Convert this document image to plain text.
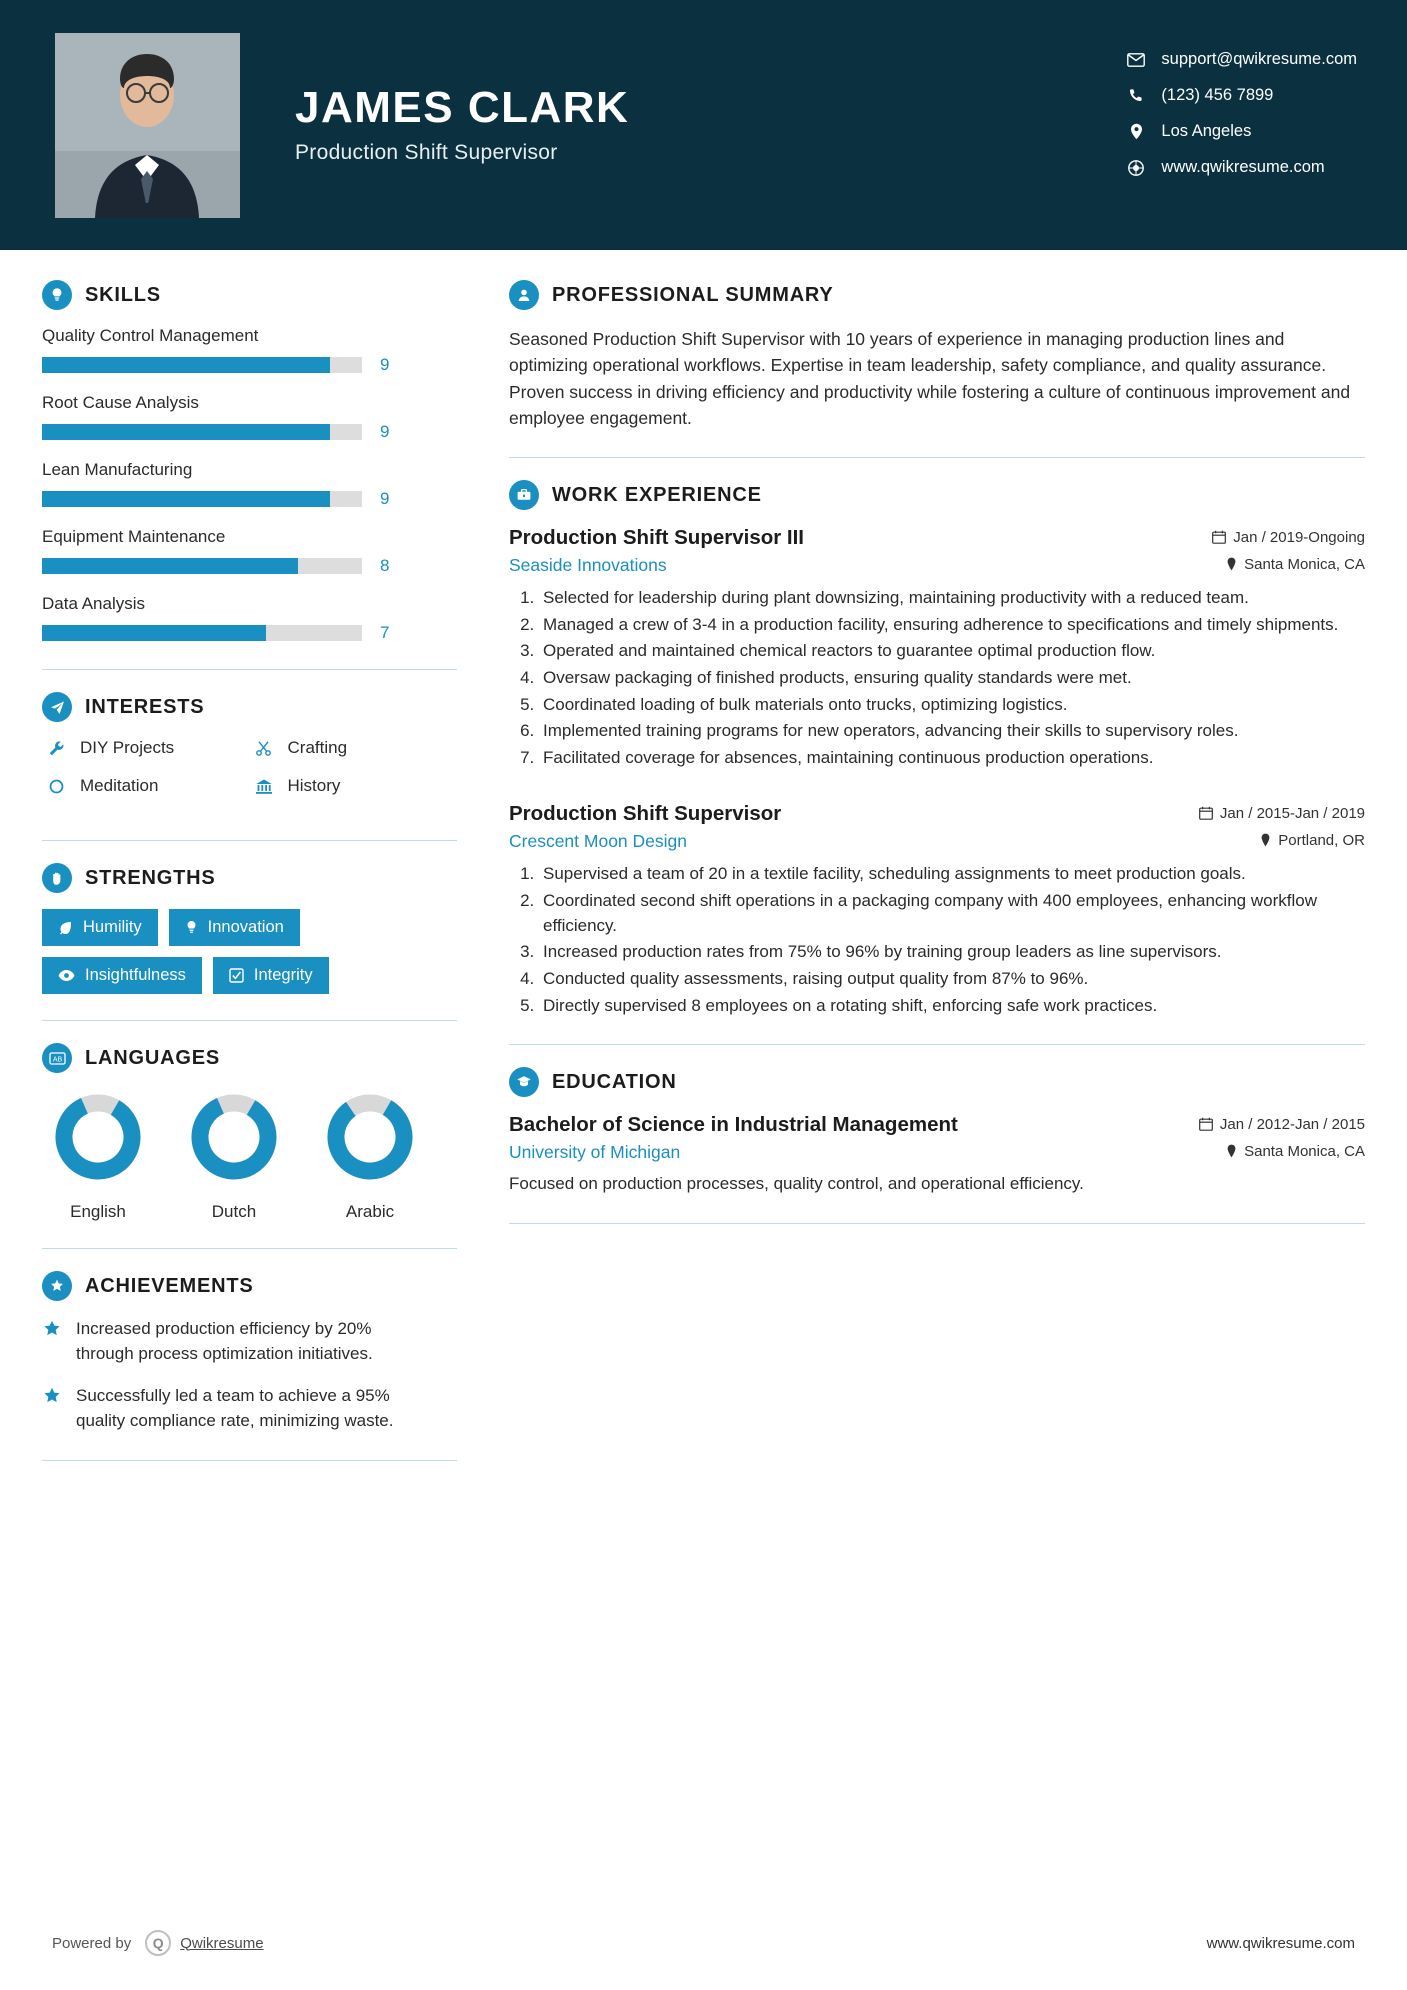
JAMES CLARK
Production Shift Supervisor
support@qwikresume.com
(123) 456 7899
Los Angeles
www.qwikresume.com
SKILLS
Quality Control Management
9
Root Cause Analysis
9
Lean Manufacturing
9
Equipment Maintenance
8
Data Analysis
7
INTERESTS
DIY Projects	Crafting
Meditation	History
STRENGTHS
Humility	Innovation
Insightfulness	Integrity
AB LANGUAGES
English	Dutch	Arabic
ACHIEVEMENTS
Increased production efficiency by 20% through process optimization initiatives.
Successfully led a team to achieve a 95% quality compliance rate, minimizing waste.
PROFESSIONAL SUMMARY
Seasoned Production Shift Supervisor with 10 years of experience in managing production lines and optimizing operational workflows. Expertise in team leadership, safety compliance, and quality assurance. Proven success in driving efficiency and productivity while fostering a culture of continuous improvement and employee engagement.
WORK EXPERIENCE
Production Shift Supervisor III	Jan / 2019-Ongoing
Seaside Innovations	Santa Monica, CA
1. Selected for leadership during plant downsizing, maintaining productivity with a reduced team.
2. Managed a crew of 3-4 in a production facility, ensuring adherence to specifications and timely shipments.
3. Operated and maintained chemical reactors to guarantee optimal production flow.
4. Oversaw packaging of finished products, ensuring quality standards were met.
5. Coordinated loading of bulk materials onto trucks, optimizing logistics.
6. Implemented training programs for new operators, advancing their skills to supervisory roles.
7. Facilitated coverage for absences, maintaining continuous production operations.
Production Shift Supervisor	Jan / 2015-Jan / 2019
Crescent Moon Design	Portland, OR
1. Supervised a team of 20 in a textile facility, scheduling assignments to meet production goals.
2. Coordinated second shift operations in a packaging company with 400 employees, enhancing workflow efficiency.
3. Increased production rates from 75% to 96% by training group leaders as line supervisors.
4. Conducted quality assessments, raising output quality from 87% to 96%.
5. Directly supervised 8 employees on a rotating shift, enforcing safe work practices.
EDUCATION
Bachelor of Science in Industrial Management	Jan / 2012-Jan / 2015
University of Michigan	Santa Monica, CA
Focused on production processes, quality control, and operational efficiency.
Powered by	Q	Qwikresume	www.qwikresume.com
